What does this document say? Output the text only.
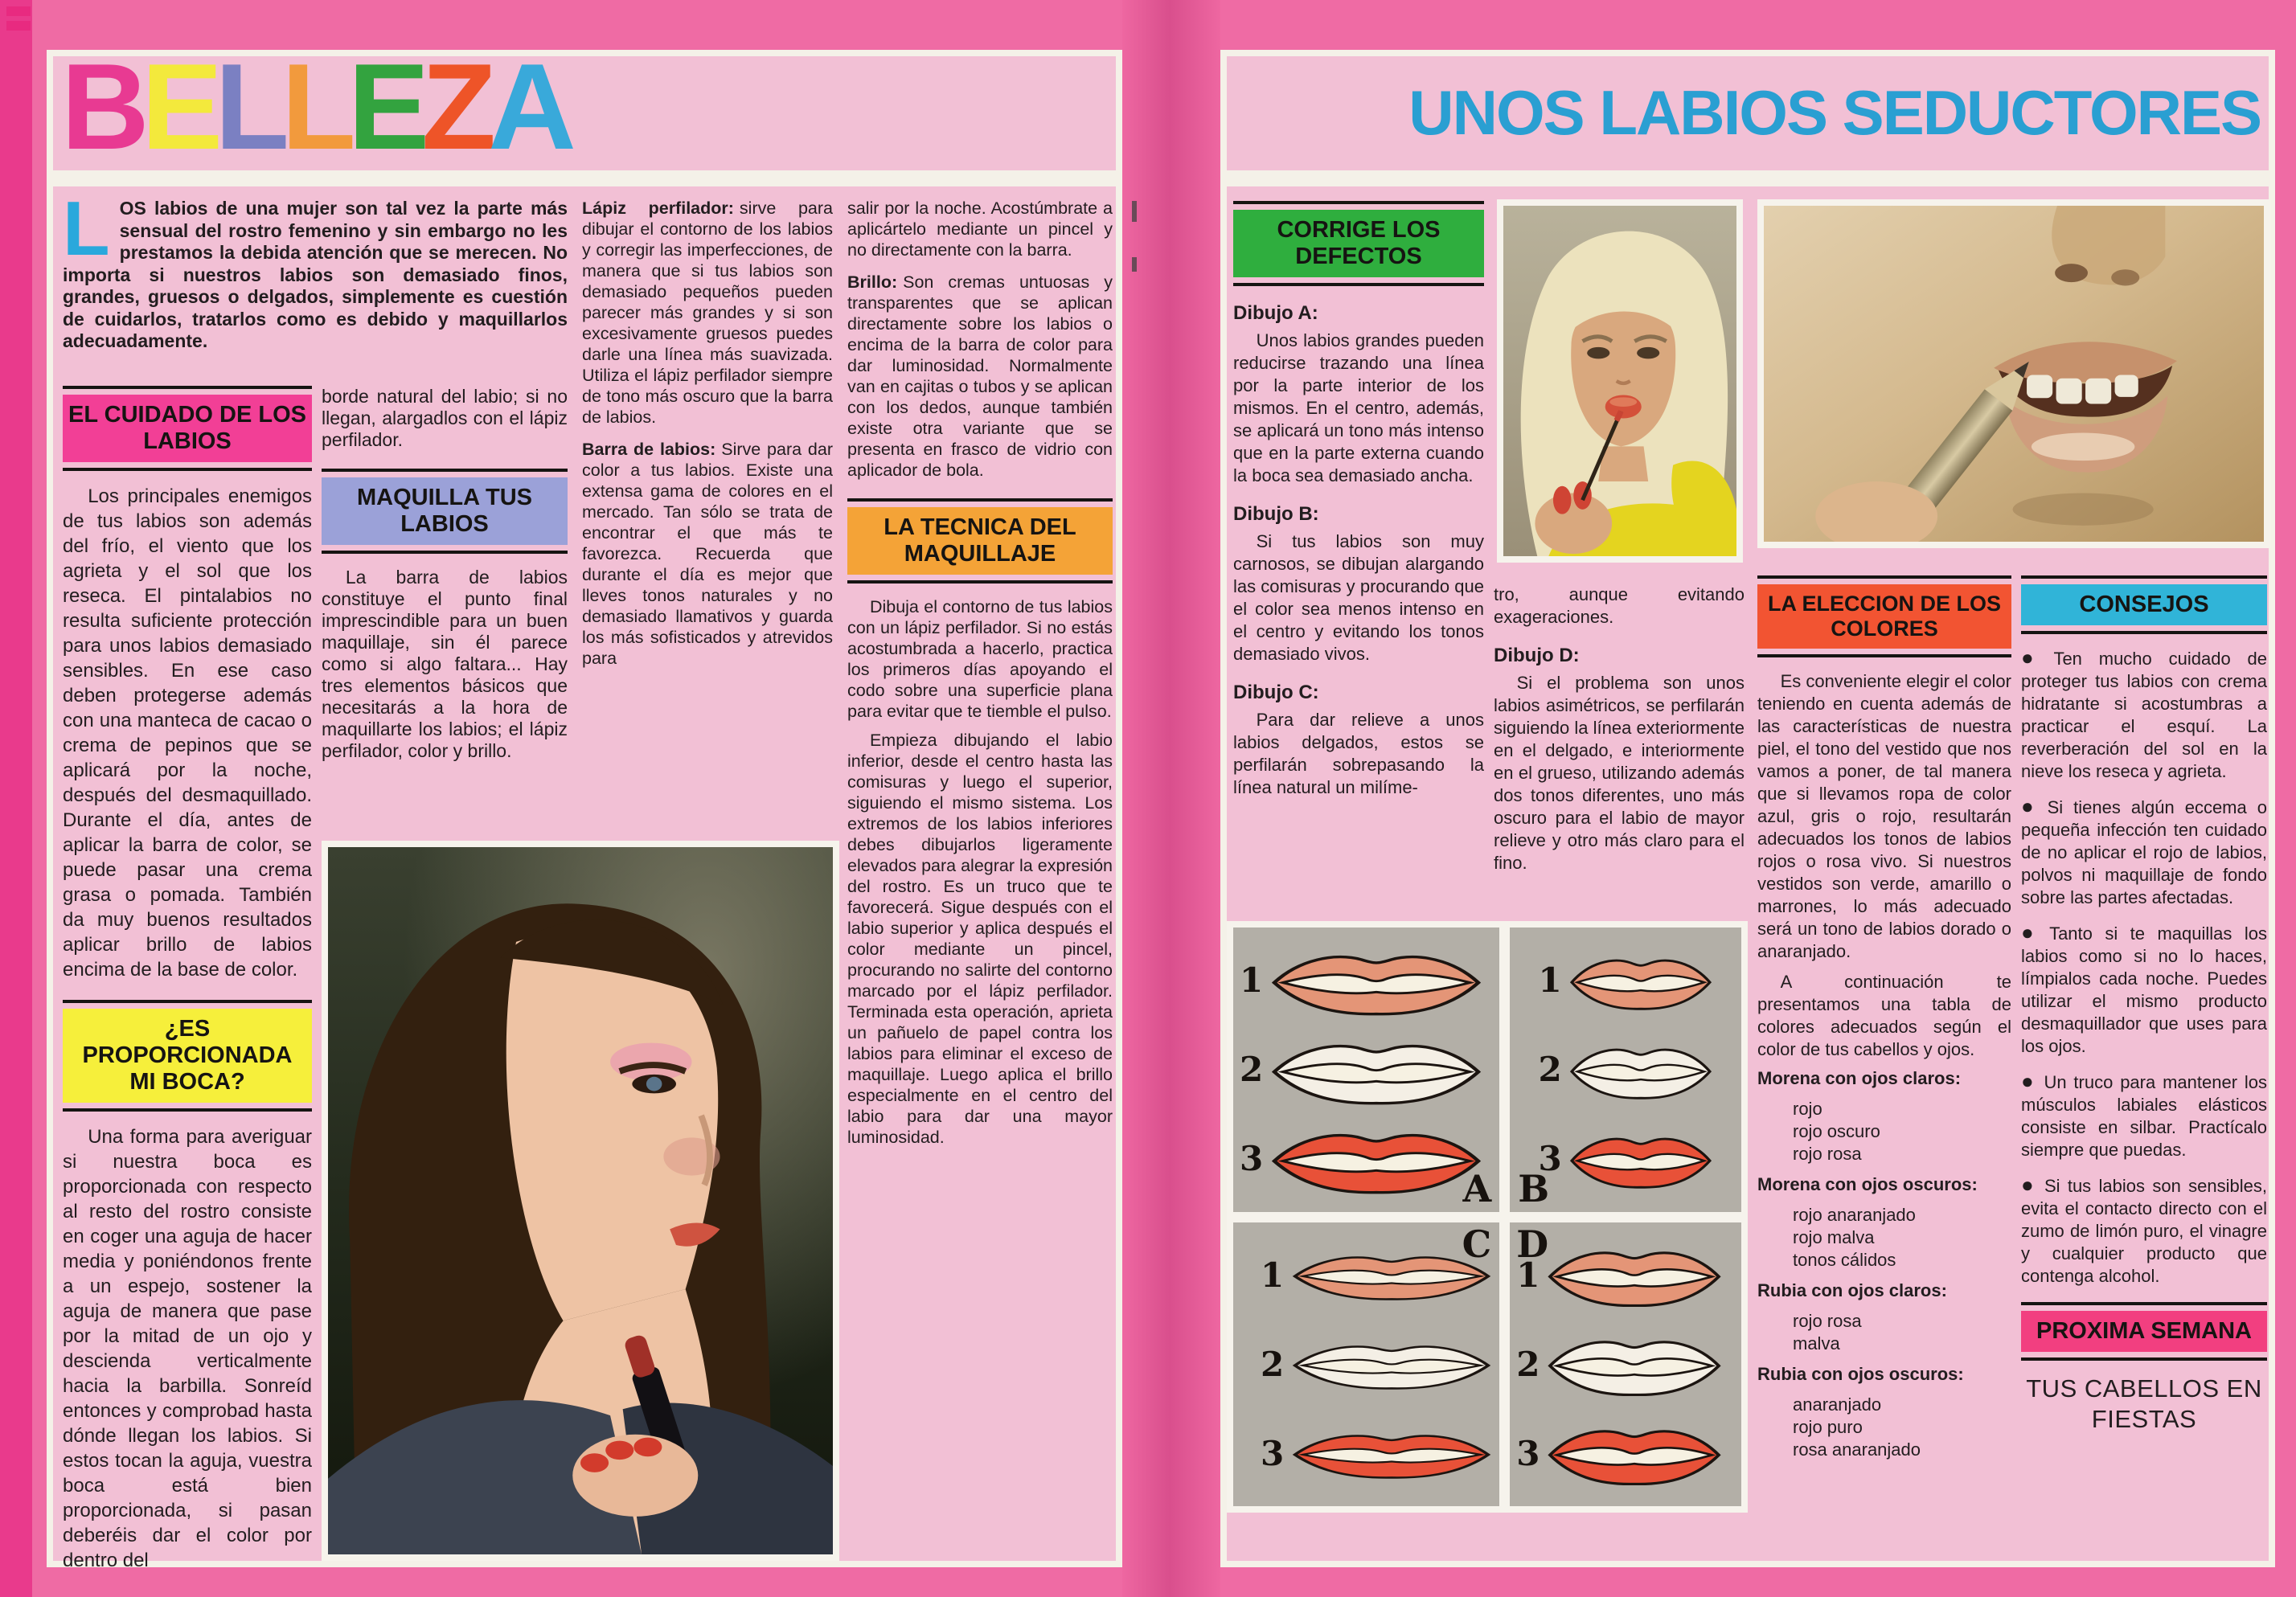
BELLEZA
L OS labios de una mujer son tal vez la parte más sensual del rostro femenino y sin embargo no les prestamos la debida atención que se merecen. No importa si nuestros labios son demasiado finos, grandes, gruesos o delgados, simplemente es cuestión de cuidarlos, tratarlos como es debido y maquillarlos adecuadamente.
EL CUIDADO DE LOS LABIOS

Los principales enemigos de tus labios son además del frío, el viento que los agrieta y el sol que los reseca. El pintalabios no resulta suficiente protección para unos labios demasiado sensibles. En ese caso deben protegerse además con una manteca de cacao o crema de pepinos que se aplicará por la noche, después del desmaquillado. Durante el día, antes de aplicar la barra de color, se puede pasar una crema grasa o pomada. También da muy buenos resultados aplicar brillo de labios encima de la base de color.

¿ES PROPORCIONADA MI BOCA?

Una forma para averiguar si nuestra boca es proporcionada con respecto al resto del rostro consiste en coger una aguja de hacer media y poniéndonos frente a un espejo, sostener la aguja de manera que pase por la mitad de un ojo y descienda verticalmente hacia la barbilla. Sonreíd entonces y comprobad hasta dónde llegan los labios. Si estos tocan la aguja, vuestra boca está bien proporcionada, si pasan deberéis dar el color por dentro del

borde natural del labio; si no llegan, alargadlos con el lápiz perfilador.

MAQUILLA TUS LABIOS

La barra de labios constituye el punto final imprescindible para un buen maquillaje, sin él parece como si algo faltara... Hay tres elementos básicos que necesitarás a la hora de maquillarte los labios; el lápiz perfilador, color y brillo.

Lápiz perfilador: sirve para dibujar el contorno de los labios y corregir las imperfecciones, de manera que si tus labios son demasiado pequeños pueden parecer más grandes y si son excesivamente gruesos puedes darle una línea más suavizada. Utiliza el lápiz perfilador siempre de tono más oscuro que la barra de labios.

Barra de labios: Sirve para dar color a tus labios. Existe una extensa gama de colores en el mercado. Tan sólo se trata de encontrar el que más te favorezca. Recuerda que durante el día es mejor que lleves tonos naturales y no demasiado llamativos y guarda los más sofisticados y atrevidos para

salir por la noche. Acostúmbrate a aplicártelo mediante un pincel y no directamente con la barra.

Brillo: Son cremas untuosas y transparentes que se aplican directamente sobre los labios o encima de la barra de color para dar luminosidad. Normalmente van en cajitas o tubos y se aplican con los dedos, aunque también existe otra variante que se presenta en frasco de vidrio con aplicador de bola.

LA TECNICA DEL MAQUILLAJE

Dibuja el contorno de tus labios con un lápiz perfilador. Si no estás acostumbrada a hacerlo, practica los primeros días apoyando el codo sobre una superficie plana para evitar que te tiemble el pulso.

Empieza dibujando el labio inferior, desde el centro hasta las comisuras y luego el superior, siguiendo el mismo sistema. Los extremos de los labios inferiores debes dibujarlos ligeramente elevados para alegrar la expresión del rostro. Es un truco que te favorecerá. Sigue después con el labio superior y aplica después el color mediante un pincel, procurando no salirte del contorno marcado por el lápiz perfilador. Terminada esta operación, aprieta un pañuelo de papel contra los labios para eliminar el exceso de maquillaje. Luego aplica el brillo especialmente en el centro del labio para dar una mayor luminosidad.

UNOS LABIOS SEDUCTORES
CORRIGE LOS DEFECTOS

Dibujo A:

Unos labios grandes pueden reducirse trazando una línea por la parte interior de los mismos. En el centro, además, se aplicará un tono más intenso que en la parte externa cuando la boca sea demasiado ancha.

Dibujo B:

Si tus labios son muy carnosos, se dibujan alargando las comisuras y procurando que el color sea menos intenso en el centro y evitando los tonos demasiado vivos.

Dibujo C:

Para dar relieve a unos labios delgados, estos se perfilarán sobrepasando la línea natural un milíme-

tro, aunque evitando exageraciones.

Dibujo D:

Si el problema son unos labios asimétricos, se perfilarán siguiendo la línea exteriormente en el delgado, e interiormente en el grueso, utilizando además dos tonos diferentes, uno más oscuro para el labio de mayor relieve y otro más claro para el fino.

LA ELECCION DE LOS COLORES

Es conveniente elegir el color teniendo en cuenta además de las características de nuestra piel, el tono del vestido que nos vamos a poner, de tal manera que si llevamos ropa de color azul, gris o rojo, resultarán adecuados los tonos de labios rojos o rosa vivo. Si nuestros vestidos son verde, amarillo o marrones, lo más adecuado será un tono de labios dorado o anaranjado.

A continuación te presentamos una tabla de colores adecuados según el color de tus cabellos y ojos.

Morena con ojos claros:

rojo

rojo oscuro

rojo rosa

Morena con ojos oscuros:

rojo anaranjado

rojo malva

tonos cálidos

Rubia con ojos claros:

rojo rosa

malva

Rubia con ojos oscuros:

anaranjado

rojo puro

rosa anaranjado

CONSEJOS

● Ten mucho cuidado de proteger tus labios con crema hidratante si acostumbras a practicar el esquí. La reverberación del sol en la nieve los reseca y agrieta.

● Si tienes algún eccema o pequeña infección ten cuidado de no aplicar el rojo de labios, polvos ni maquillaje de fondo sobre las partes afectadas.

● Tanto si te maquillas los labios como si no lo haces, límpialos cada noche. Puedes utilizar el mismo producto desmaquillador que uses para los ojos.

● Un truco para mantener los músculos labiales elásticos consiste en silbar. Practícalo siempre que puedas.

● Si tus labios son sensibles, evita el contacto directo con el zumo de limón puro, el vinagre y cualquier producto que contenga alcohol.

PROXIMA SEMANA

TUS CABELLOS EN FIESTAS

1
2
3
A
1
2
3
B
1
2
3
C
1
2
3
D
